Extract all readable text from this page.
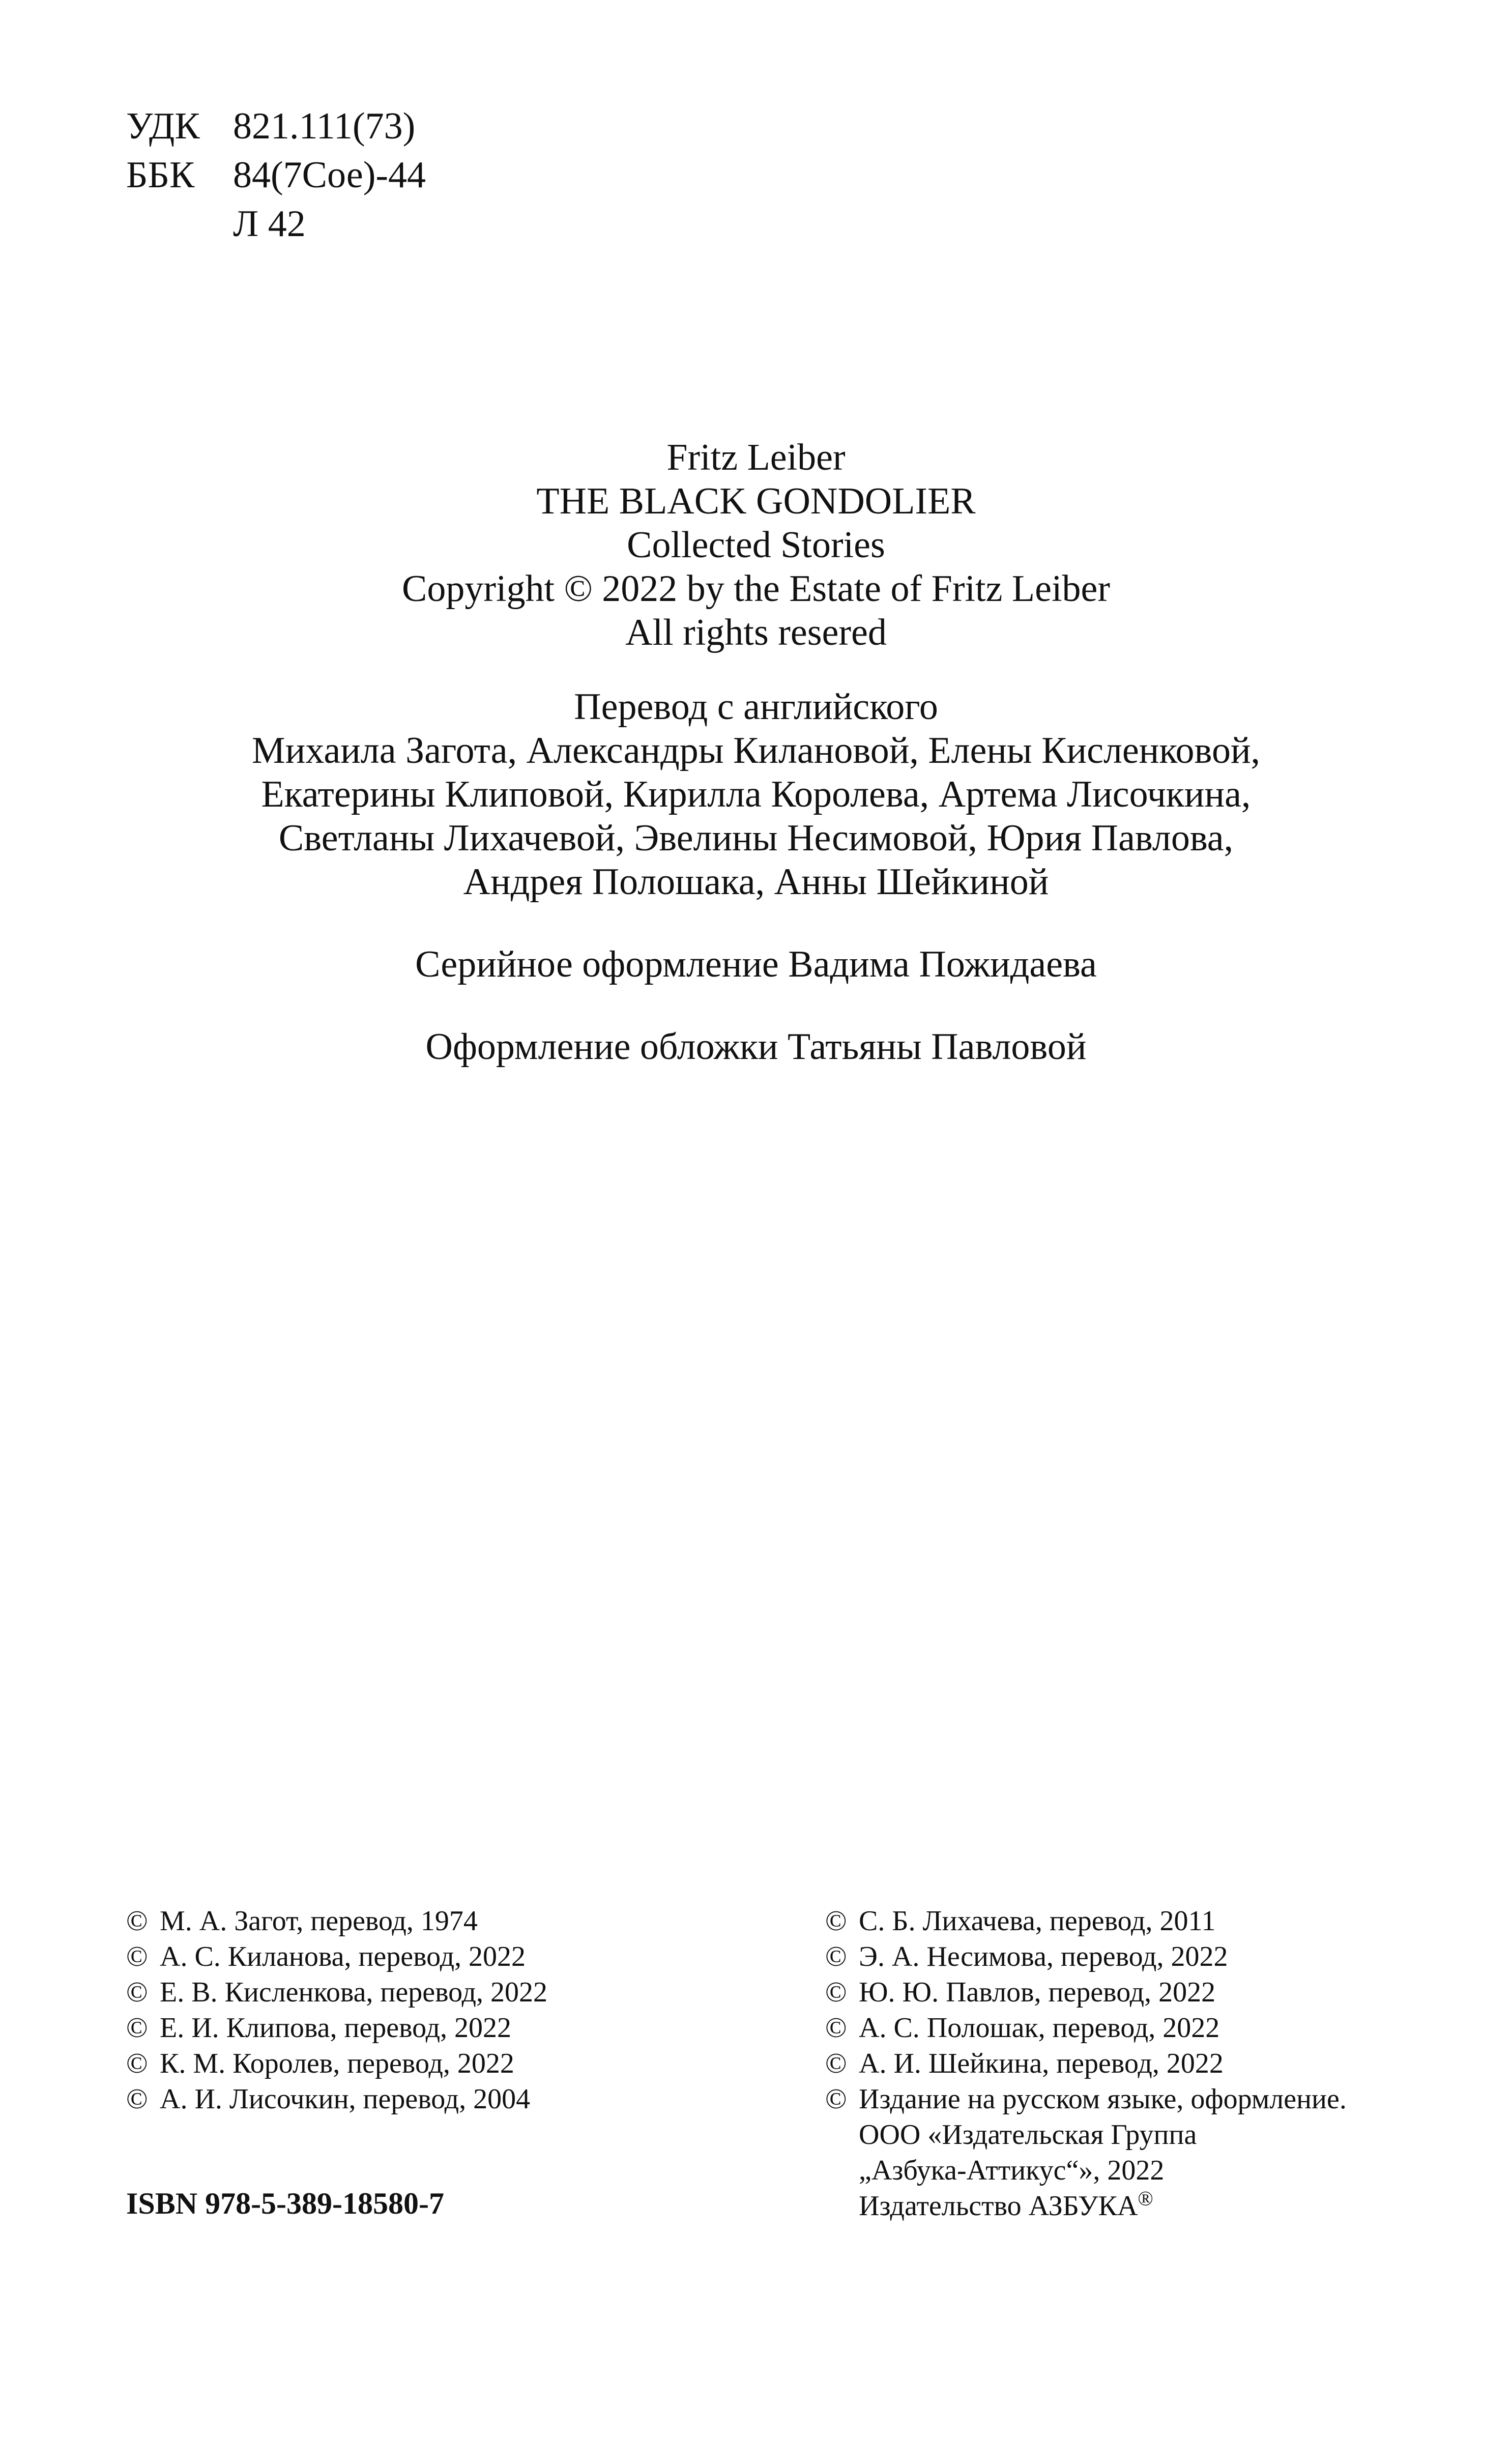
УДК 821.111(73)
ББК	84(7Сое)-44
Л 42
Fritz Leiber
THE BLACK GONDOLIER
Collected Stories
Copyright © 2022 by the Estate of Fritz Leiber
All rights resered
Перевод с английского
Михаила Загота, Александры Килановой, Елены Кисленковой,
Екатерины Клиповой, Кирилла Королева, Артема Лисочкина,
Светланы Лихачевой, Эвелины Несимовой, Юрия Павлова,
Андрея Полошака, Анны Шейкиной
Серийное оформление Вадима Пожидаева
Оформление обложки Татьяны Павловой
© М. А. Загот, перевод, 1974
© А. С. Киланова, перевод, 2022
© Е. В. Кисленкова, перевод, 2022
© Е. И. Клипова, перевод, 2022
© К. М. Королев, перевод, 2022
© А. И. Лисочкин, перевод, 2004
© С. Б. Лихачева, перевод, 2011
© Э. А. Несимова, перевод, 2022
© Ю. Ю. Павлов, перевод, 2022
© А. С. Полошак, перевод, 2022
© А. И. Шейкина, перевод, 2022
© Издание на русском языке, оформление.
ООО «Издательская Группа
„Азбука-Аттикус“», 2022
Издательство АЗБУКА®
ISBN 978-5-389-18580-7
